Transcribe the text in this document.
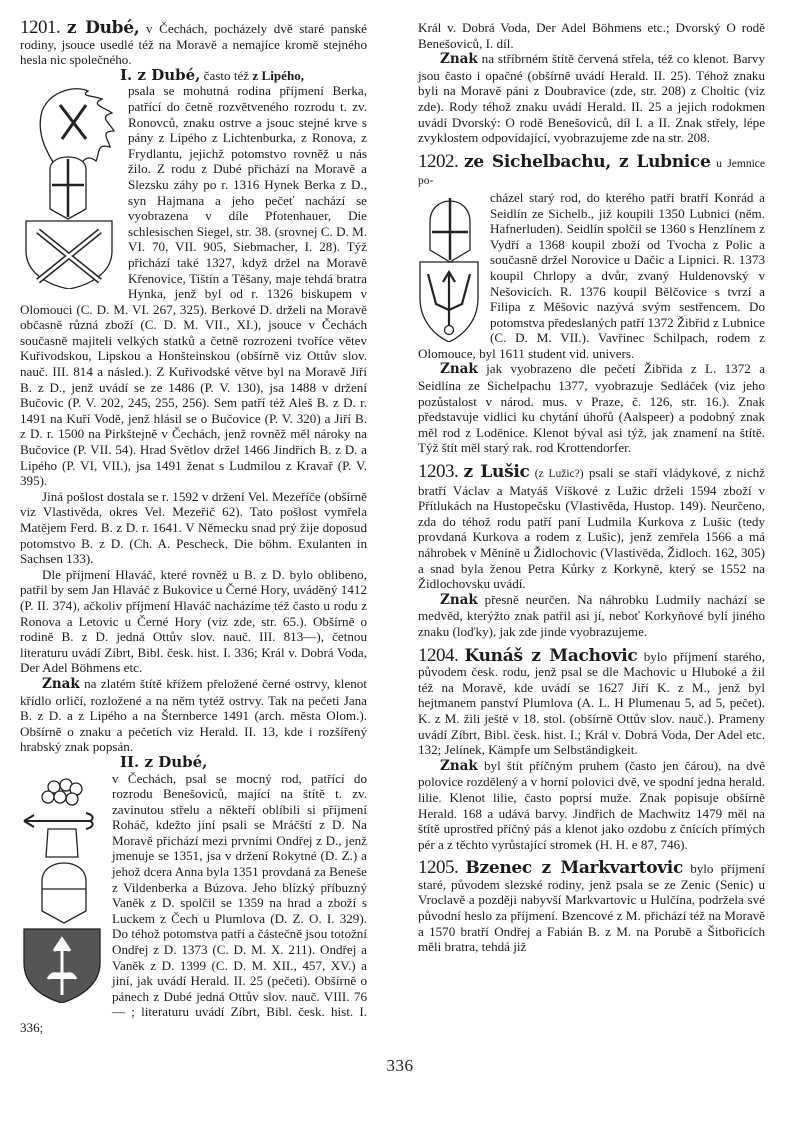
1201. z Dubé, v Čechách, pocházely dvě staré panské rodiny, jsouce usedlé též na Moravě a nemajíce kromě stejného hesla nic společného.

I. z Dubé, často též z Lipého,

psala se mohutná rodina příjmení Berka, patřící do četně rozvětveného rozrodu t. zv. Ronovců, znaku ostrve a jsouc stejné krve s pány z Lipého z Lichtenburka, z Ronova, z Frydlantu, jejichž potomstvo rovněž u nás žilo. Z rodu z Dubé přichází na Moravě a Slezsku záhy po r. 1316 Hynek Berka z D., syn Hajmana a jeho pečeť nachází se vyobrazena v díle Pfotenhauer, Die schlesischen Siegel, str. 38. (srovnej C. D. M. VI. 70, VII. 905, Siebmacher, I. 28). Týž přichází také 1327, když držel na Moravě Křenovice, Tištín a Těšany, maje tehdá bratra Hynka, jenž byl od r. 1326 biskupem v Olomouci (C. D. M. VI. 267, 325). Berkové D. drželi na Moravě občasně různá zboží (C. D. M. VII., XI.), jsouce v Čechách současně majiteli velkých statků a četně rozrozeni tvoříce větev Kuřivodskou, Lipskou a Honšteinskou (obšírně viz Ottův slov. nauč. III. 814 a násled.). Z Kuřivodské větve byl na Moravě Jiří B. z D., jenž uvádí se ze 1486 (P. V. 130), jsa 1488 v držení Bučovic (P. V. 202, 245, 255, 256). Sem patří též Aleš B. z D. r. 1491 na Kuří Vodě, jenž hlásil se o Bučovice (P. V. 320) a Jiří B. z D. r. 1500 na Pirkštejně v Čechách, jenž rovněž měl nároky na Bučovice (P. VII. 54). Hrad Světlov držel 1466 Jindřich B. z D. a Lipého (P. VI, VII.), jsa 1491 ženat s Ludmilou z Kravař (P. V. 395).

Jiná pošlost dostala se r. 1592 v držení Vel. Mezeříče (obšírně viz Vlastivěda, okres Vel. Mezeřič 62). Tato pošlost vymřela Matějem Ferd. B. z D. r. 1641. V Německu snad prý žije doposud potomstvo B. z D. (Ch. A. Pescheck, Die böhm. Exulanten in Sachsen 133).

Dle příjmení Hlaváč, které rovněž u B. z D. bylo oblibeno, patřil by sem Jan Hlaváč z Bukovice u Černé Hory, uváděný 1412 (P. II. 374), ačkoliv příjmení Hlaváč nacházíme též často u rodu z Ronova a Letovic u Černé Hory (viz zde, str. 65.). Obšírně o rodině B. z D. jedná Ottův slov. nauč. III. 813—), četnou literaturu uvádí Zíbrt, Bibl. česk. hist. I. 336; Král v. Dobrá Voda, Der Adel Böhmens etc.

Znak na zlatém štítě křížem přeložené černé ostrvy, klenot křídlo orličí, rozložené a na něm tytéž ostrvy. Tak na pečeti Jana B. z D. a z Lipého a na Šternberce 1491 (arch. města Olom.). Obšírně o znaku a pečetích viz Herald. II. 13, kde i rozšířený hrabský znak popsán.

II. z Dubé,

v Čechách, psal se mocný rod, patřící do rozrodu Benešoviců, mající na štítě t. zv. zavinutou střelu a někteří oblíbili si příjmení Roháč, kdežto jiní psali se Mráčští z D. Na Moravě přichází mezi prvními Ondřej z D., jenž jmenuje se 1351, jsa v držení Rokytné (D. Z.) a jehož dcera Anna byla 1351 provdaná za Beneše z Vildenberka a Búzova. Jeho blízký příbuzný Vaněk z D. spolčil se 1359 na hrad a zboží s Luckem z Čech u Plumlova (D. Z. O. I. 329). Do téhož potomstva patří a částečně jsou totožní Ondřej z D. 1373 (C. D. M. X. 211). Ondřej a Vaněk z D. 1399 (C. D. M. XII., 457, XV.) a jiní, jak uvádí Herald. II. 25 (pečeti). Obšírně o pánech z Dubé jedná Ottův slov. nauč. VIII. 76— ; literaturu uvádí Zíbrt, Bibl. česk. hist. I. 336;

Král v. Dobrá Voda, Der Adel Böhmens etc.; Dvorský O rodě Benešoviců, I. díl.

Znak na stříbrném štítě červená střela, též co klenot. Barvy jsou často i opačné (obšírně uvádí Herald. II. 25). Téhož znaku byli na Moravě páni z Doubravice (zde, str. 208) z Choltic (viz zde). Rody téhož znaku uvádí Herald. II. 25 a jejich rodokmen uvádí Dvorský: O rodě Benešoviců, díl I. a II. Znak střely, lépe zvyklostem odpovídající, vyobrazujeme zde na str. 208.

1202. ze Sichelbachu, z Lubnice u Jemnice po-

cházel starý rod, do kterého patří bratří Konrád a Seidlín ze Sichelb., již koupili 1350 Lubnici (něm. Hafnerluden). Seidlín spolčil se 1360 s Henzlínem z Vydří a 1368 koupil zboží od Tvocha z Polic a současně držel Norovice u Dačic a Lipnici. R. 1373 koupil Chrlopy a dvůr, zvaný Huldenovský v Nešovicích. R. 1376 koupil Bělčovice s tvrzí a Filipa z Měšovic nazývá svým sestřencem. Do potomstva předeslaných patří 1372 Žibřid z Lubnice (C. D. M. VII.). Vavřinec Schilpach, rodem z Olomouce, byl 1611 student vid. univers.

Znak jak vyobrazeno dle pečetí Žibřida z L. 1372 a Seidlína ze Sichelpachu 1377, vyobrazuje Sedláček (viz jeho pozůstalost v národ. mus. v Praze, č. 126, str. 16.). Znak představuje vidlici ku chytání úhořů (Aalspeer) a podobný znak měl rod z Loděnice. Klenot býval asi týž, jak znamení na štítě. Týž štít měl starý rak. rod Krottendorfer.

1203. z Lušic (z Lužic?) psali se staří vládykové, z nichž bratří Václav a Matyáš Víškové z Lužic drželi 1594 zboží v Přítlukách na Hustopečsku (Vlastivěda, Hustop. 149). Neurčeno, zda do téhož rodu patří paní Ludmila Kurkova z Lušic (tedy provdaná Kurkova a rodem z Lušic), jenž zemřela 1566 a má náhrobek v Měníně u Židlochovic (Vlastivěda, Židloch. 162, 305) a snad byla ženou Petra Kůrky z Korkyně, který se 1552 na Židlochovsku uvádí.

Znak přesně neurčen. Na náhrobku Ludmily nachází se medvěd, kterýžto znak patřil asi jí, neboť Korkyňové byli jiného znaku (loďky), jak zde jinde vyobrazujeme.

1204. Kunáš z Machovic bylo příjmení starého, původem česk. rodu, jenž psal se dle Machovic u Hluboké a žil též na Moravě, kde uvádí se 1627 Jiří K. z M., jenž byl hejtmanem panství Plumlova (A. L. H Plumenau 5, ad 5, pečet). K. z M. žili ještě v 18. stol. (obšírně Ottův slov. nauč.). Prameny uvádí Zíbrt, Bibl. česk. hist. I.; Král v. Dobrá Voda, Der Adel etc. 132; Jelínek, Kämpfe um Selbständigkeit.

Znak byl štít příčným pruhem (často jen čárou), na dvě polovice rozdělený a v horní polovici dvě, ve spodní jedna herald. lilie. Klenot lilie, často poprsí muže. Znak popisuje obšírně Herald. 168 a udává barvy. Jindřich de Machwitz 1479 měl na štítě uprostřed příčný pás a klenot jako ozdobu z čnících přímých pér a z těchto vyrůstající stromek (H. H. e 87, 746).

1205. Bzenec z Markvartovic bylo příjmení staré, původem slezské rodiny, jenž psala se ze Zenic (Senic) u Vroclavě a později nabyvší Markvartovic u Hulčína, podržela své původní heslo za příjmení. Bzencové z M. přichází též na Moravě a 1570 bratří Ondřej a Fabián B. z M. na Porubě a Šitbořicích měli bratra, tehdá již

336
